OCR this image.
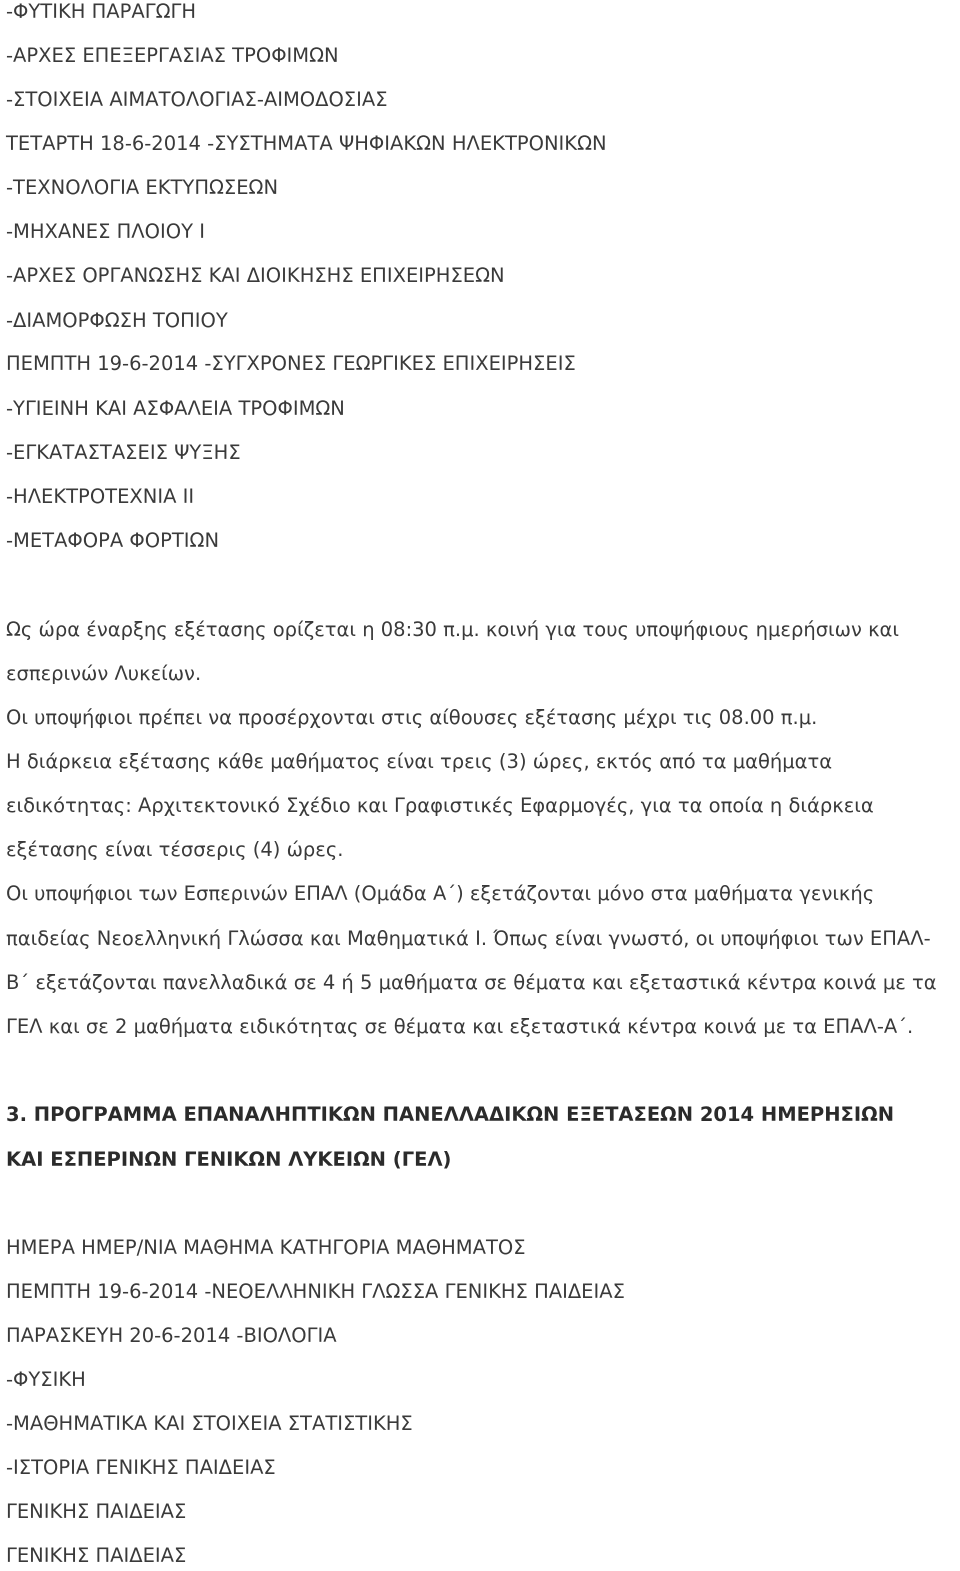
-ΦΥΤΙΚΗ ΠΑΡΑΓΩΓΗ
-ΑΡΧΕΣ ΕΠΕΞΕΡΓΑΣΙΑΣ ΤΡΟΦΙΜΩΝ
-ΣΤΟΙΧΕΙΑ ΑΙΜΑΤΟΛΟΓΙΑΣ-ΑΙΜΟΔΟΣΙΑΣ
ΤΕΤΑΡΤΗ 18-6-2014 -ΣΥΣΤΗΜΑΤΑ ΨΗΦΙΑΚΩΝ ΗΛΕΚΤΡΟΝΙΚΩΝ
-ΤΕΧΝΟΛΟΓΙΑ ΕΚΤΥΠΩΣΕΩΝ
-ΜΗΧΑΝΕΣ ΠΛΟΙΟΥ Ι
-ΑΡΧΕΣ ΟΡΓΑΝΩΣΗΣ ΚΑΙ ΔΙΟΙΚΗΣΗΣ ΕΠΙΧΕΙΡΗΣΕΩΝ
-ΔΙΑΜΟΡΦΩΣΗ ΤΟΠΙΟΥ
ΠΕΜΠΤΗ 19-6-2014 -ΣΥΓΧΡΟΝΕΣ ΓΕΩΡΓΙΚΕΣ ΕΠΙΧΕΙΡΗΣΕΙΣ
-ΥΓΙΕΙΝΗ ΚΑΙ ΑΣΦΑΛΕΙΑ ΤΡΟΦΙΜΩΝ
-ΕΓΚΑΤΑΣΤΑΣΕΙΣ ΨΥΞΗΣ
-ΗΛΕΚΤΡΟΤΕΧΝΙΑ ΙΙ
-ΜΕΤΑΦΟΡΑ ΦΟΡΤΙΩΝ
Ως ώρα έναρξης εξέτασης ορίζεται η 08:30 π.μ. κοινή για τους υποψήφιους ημερήσιων και
εσπερινών Λυκείων.
Οι υποψήφιοι πρέπει να προσέρχονται στις αίθουσες εξέτασης μέχρι τις 08.00 π.μ.
Η διάρκεια εξέτασης κάθε μαθήματος είναι τρεις (3) ώρες, εκτός από τα μαθήματα
ειδικότητας: Αρχιτεκτονικό Σχέδιο και Γραφιστικές Εφαρμογές, για τα οποία η διάρκεια
εξέτασης είναι τέσσερις (4) ώρες.
Οι υποψήφιοι των Εσπερινών ΕΠΑΛ (Ομάδα Α΄) εξετάζονται μόνο στα μαθήματα γενικής
παιδείας Νεοελληνική Γλώσσα και Μαθηματικά Ι. Όπως είναι γνωστό, οι υποψήφιοι των ΕΠΑΛ-
Β΄ εξετάζονται πανελλαδικά σε 4 ή 5 μαθήματα σε θέματα και εξεταστικά κέντρα κοινά με τα
ΓΕΛ και σε 2 μαθήματα ειδικότητας σε θέματα και εξεταστικά κέντρα κοινά με τα ΕΠΑΛ-Α΄.
3. ΠΡΟΓΡΑΜΜΑ ΕΠΑΝΑΛΗΠΤΙΚΩΝ ΠΑΝΕΛΛΑΔΙΚΩΝ ΕΞΕΤΑΣΕΩΝ 2014 ΗΜΕΡΗΣΙΩΝ
ΚΑΙ ΕΣΠΕΡΙΝΩΝ ΓΕΝΙΚΩΝ ΛΥΚΕΙΩΝ (ΓΕΛ)
ΗΜΕΡΑ ΗΜΕΡ/ΝΙΑ ΜΑΘΗΜΑ ΚΑΤΗΓΟΡΙΑ ΜΑΘΗΜΑΤΟΣ
ΠΕΜΠΤΗ 19-6-2014 -ΝΕΟΕΛΛΗΝΙΚΗ ΓΛΩΣΣΑ ΓΕΝΙΚΗΣ ΠΑΙΔΕΙΑΣ
ΠΑΡΑΣΚΕΥΗ 20-6-2014 -ΒΙΟΛΟΓΙΑ
-ΦΥΣΙΚΗ
-ΜΑΘΗΜΑΤΙΚΑ ΚΑΙ ΣΤΟΙΧΕΙΑ ΣΤΑΤΙΣΤΙΚΗΣ
-ΙΣΤΟΡΙΑ ΓΕΝΙΚΗΣ ΠΑΙΔΕΙΑΣ
ΓΕΝΙΚΗΣ ΠΑΙΔΕΙΑΣ
ΓΕΝΙΚΗΣ ΠΑΙΔΕΙΑΣ
